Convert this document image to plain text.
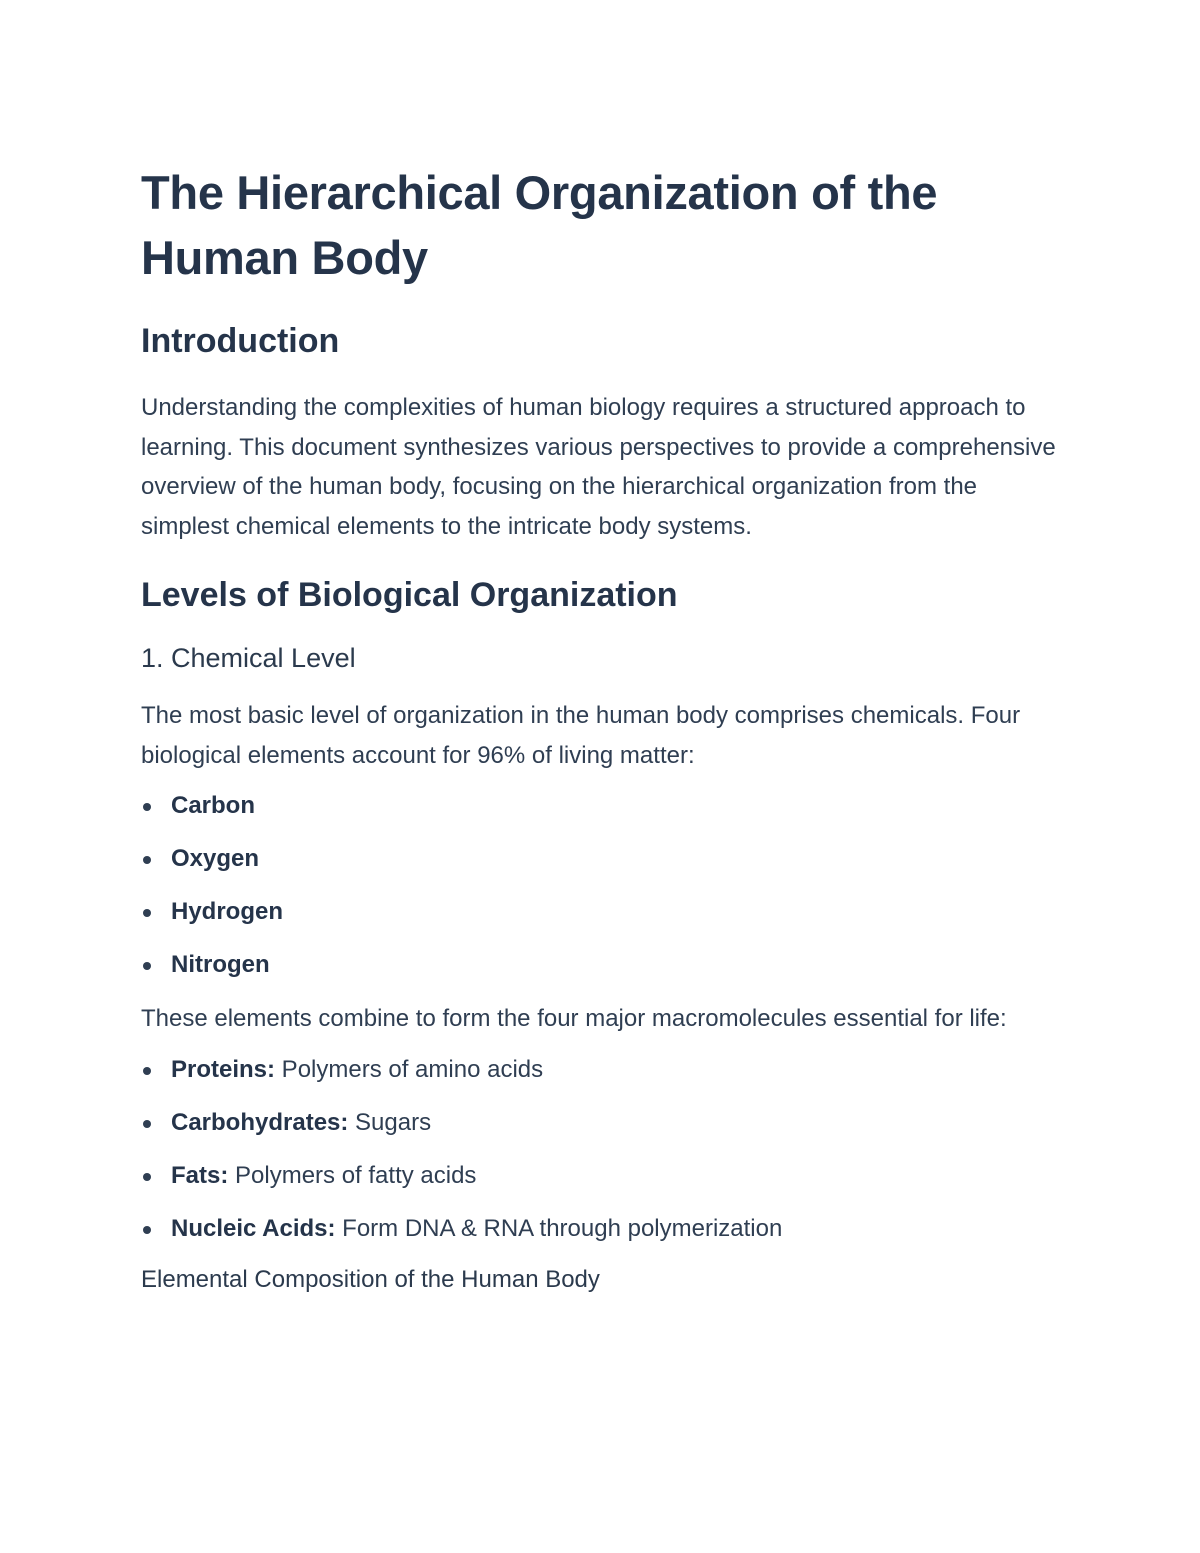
The Hierarchical Organization of the Human Body
Introduction

Understanding the complexities of human biology requires a structured approach to learning. This document synthesizes various perspectives to provide a comprehensive overview of the human body, focusing on the hierarchical organization from the simplest chemical elements to the intricate body systems.

Levels of Biological Organization
1. Chemical Level

The most basic level of organization in the human body comprises chemicals. Four biological elements account for 96% of living matter:

Carbon
Oxygen
Hydrogen
Nitrogen

These elements combine to form the four major macromolecules essential for life:

Proteins: Polymers of amino acids
Carbohydrates: Sugars
Fats: Polymers of fatty acids
Nucleic Acids: Form DNA & RNA through polymerization

Elemental Composition of the Human Body
